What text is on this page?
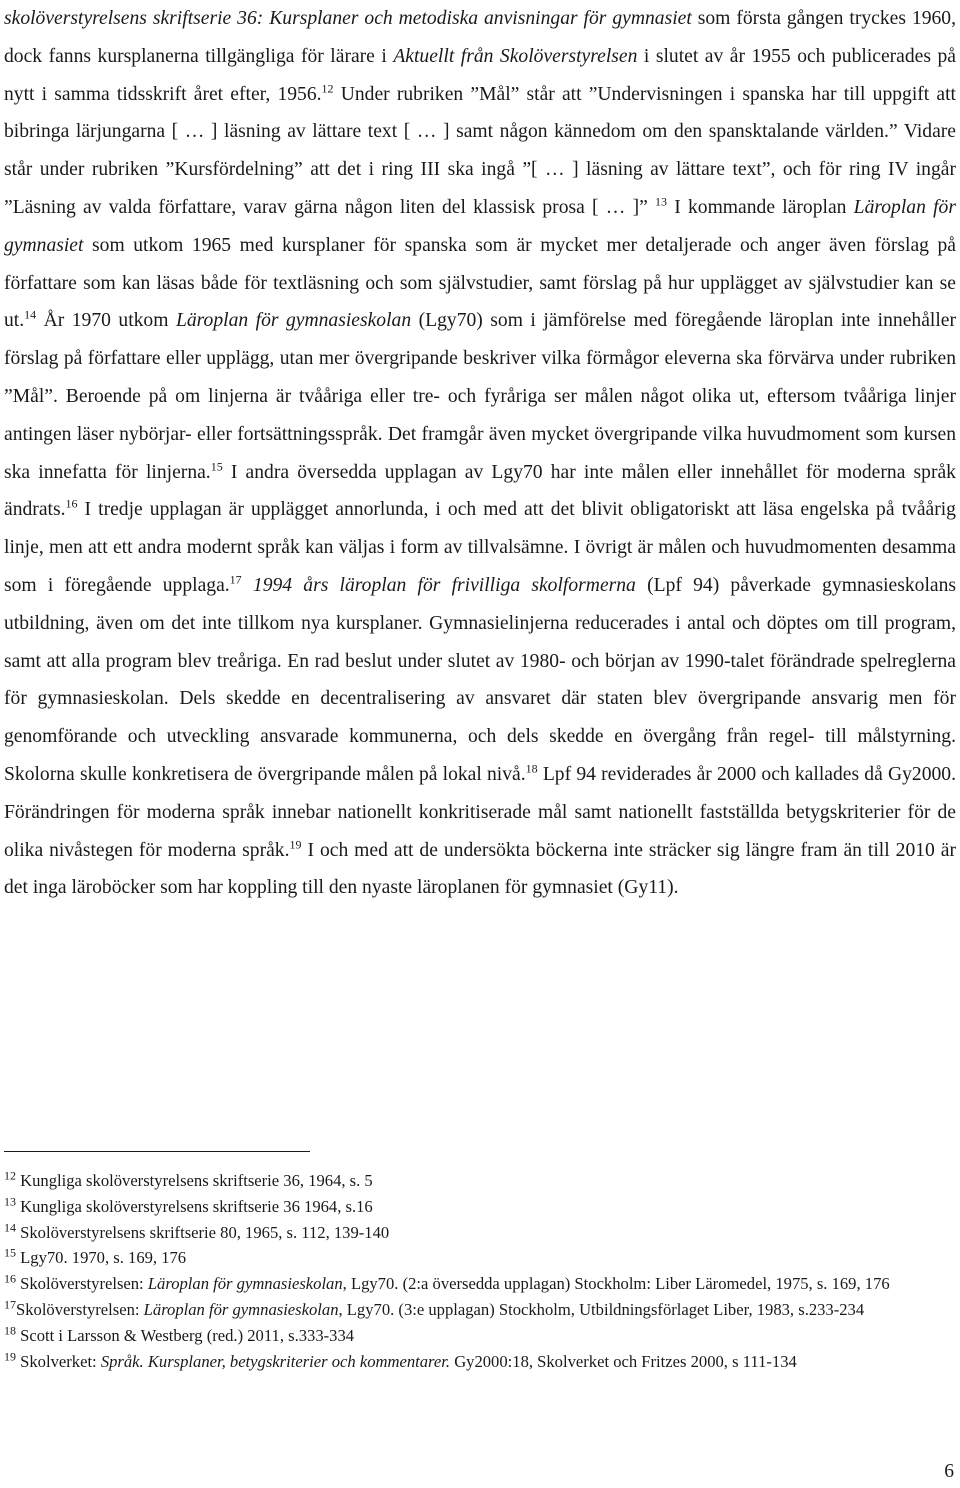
skolöverstyrelsens skriftserie 36: Kursplaner och metodiska anvisningar för gymnasiet som första gången tryckes 1960, dock fanns kursplanerna tillgängliga för lärare i Aktuellt från Skolöverstyrelsen i slutet av år 1955 och publicerades på nytt i samma tidsskrift året efter, 1956.12 Under rubriken ”Mål” står att ”Undervisningen i spanska har till uppgift att bibringa lärjungarna [ … ] läsning av lättare text [ … ] samt någon kännedom om den spansktalande världen.” Vidare står under rubriken ”Kursfördelning” att det i ring III ska ingå ”[ … ] läsning av lättare text”, och för ring IV ingår ”Läsning av valda författare, varav gärna någon liten del klassisk prosa [ … ]” $^{13}$ I kommande läroplan Läroplan för gymnasiet som utkom 1965 med kursplaner för spanska som är mycket mer detaljerade och anger även förslag på författare som kan läsas både för textläsning och som självstudier, samt förslag på hur upplägget av självstudier kan se ut.$^{14}$ År 1970 utkom Läroplan för gymnasieskolan (Lgy70) som i jämförelse med föregående läroplan inte innehåller förslag på författare eller upplägg, utan mer övergripande beskriver vilka förmågor eleverna ska förvärva under rubriken ”Mål”. Beroende på om linjerna är tvååriga eller tre- och fyråriga ser målen något olika ut, eftersom tvååriga linjer antingen läser nybörjar- eller fortsättningsspråk. Det framgår även mycket övergripande vilka huvudmoment som kursen ska innefatta för linjerna.$^{15}$ I andra översedda upplagan av Lgy70 har inte målen eller innehållet för moderna språk ändrats.$^{16}$ I tredje upplagan är upplägget annorlunda, i och med att det blivit obligatoriskt att läsa engelska på tvåårig linje, men att ett andra modernt språk kan väljas i form av tillvalsämne. I övrigt är målen och huvudmomenten desamma som i föregående upplaga.$^{17}$ 1994 års läroplan för frivilliga skolformerna (Lpf 94) påverkade gymnasieskolans utbildning, även om det inte tillkom nya kursplaner. Gymnasielinjerna reducerades i antal och döptes om till program, samt att alla program blev treåriga. En rad beslut under slutet av 1980- och början av 1990-talet förändrade spelreglerna för gymnasieskolan. Dels skedde en decentralisering av ansvaret där staten blev övergripande ansvarig men för genomförande och utveckling ansvarade kommunerna, och dels skedde en övergång från regel- till målstyrning. Skolorna skulle konkretisera de övergripande målen på lokal nivå.$^{18}$ Lpf 94 reviderades år 2000 och kallades då Gy2000. Förändringen för moderna språk innebar nationellt konkritiserade mål samt nationellt fastställda betygskriterier för de olika nivåstegen för moderna språk.$^{19}$ I och med att de undersökta böckerna inte sträcker sig längre fram än till 2010 är det inga läroböcker som har koppling till den nyaste läroplanen för gymnasiet (Gy11).

$^{12}$ Kungliga skolöverstyrelsens skriftserie 36, 1964, s. 5

$^{13}$ Kungliga skolöverstyrelsens skriftserie 36 1964, s.16

$^{14}$ Skolöverstyrelsens skriftserie 80, 1965, s. 112, 139-140

$^{15}$ Lgy70. 1970, s. 169, 176

$^{16}$ Skolöverstyrelsen: Läroplan för gymnasieskolan, Lgy70. (2:a översedda upplagan) Stockholm: Liber Läromedel, 1975, s. 169, 176

$^{17}$Skolöverstyrelsen: Läroplan för gymnasieskolan, Lgy70. (3:e upplagan) Stockholm, Utbildningsförlaget Liber, 1983, s.233-234

$^{18}$ Scott i Larsson & Westberg (red.) 2011, s.333-334

$^{19}$ Skolverket: Språk. Kursplaner, betygskriterier och kommentarer. Gy2000:18, Skolverket och Fritzes 2000, s 111-134

6
